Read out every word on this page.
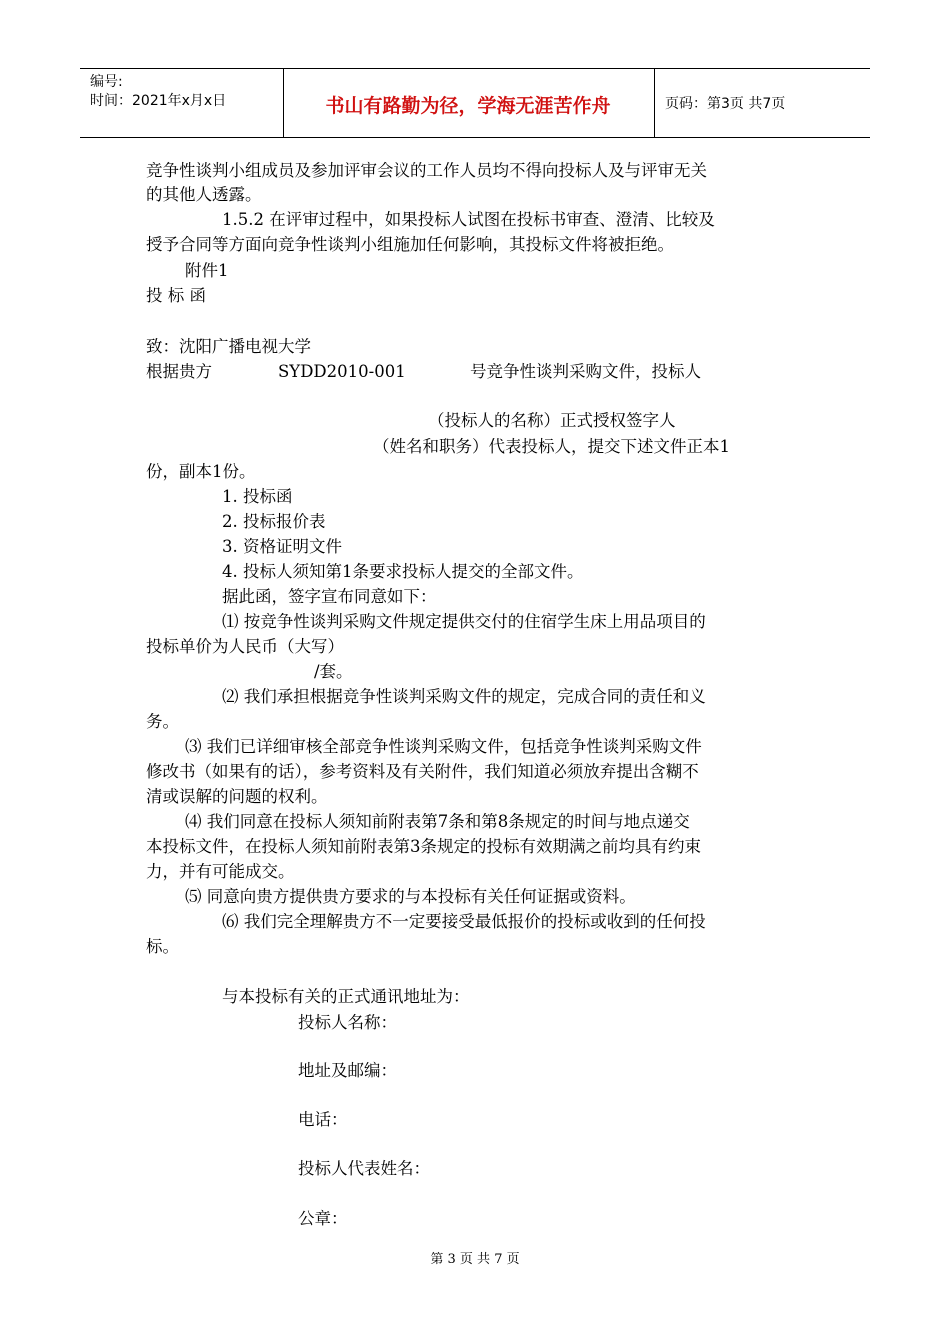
编号:
时间：2021年x月x日	书山有路勤为径，学海无涯苦作舟	页码：第3页 共7页
竞争性谈判小组成员及参加评审会议的工作人员均不得向投标人及与评审无关
的其他人透露。
1.5.2 在评审过程中，如果投标人试图在投标书审查、澄清、比较及
授予合同等方面向竞争性谈判小组施加任何影响，其投标文件将被拒绝。
附件1
投 标 函
致：沈阳广播电视大学
根据贵方	SYDD2010-001	号竞争性谈判采购文件，投标人
（投标人的名称）正式授权签字人
（姓名和职务）代表投标人，提交下述文件正本1
份，副本1份。
1. 投标函
2. 投标报价表
3. 资格证明文件
4. 投标人须知第1条要求投标人提交的全部文件。
据此函，签字宣布同意如下：
⑴ 按竞争性谈判采购文件规定提供交付的住宿学生床上用品项目的
投标单价为人民币（大写）
/套。
⑵ 我们承担根据竞争性谈判采购文件的规定，完成合同的责任和义
务。
⑶ 我们已详细审核全部竞争性谈判采购文件，包括竞争性谈判采购文件
修改书（如果有的话），参考资料及有关附件，我们知道必须放弃提出含糊不
清或误解的问题的权利。
⑷ 我们同意在投标人须知前附表第7条和第8条规定的时间与地点递交
本投标文件，在投标人须知前附表第3条规定的投标有效期满之前均具有约束
力，并有可能成交。
⑸ 同意向贵方提供贵方要求的与本投标有关任何证据或资料。
⑹ 我们完全理解贵方不一定要接受最低报价的投标或收到的任何投
标。
与本投标有关的正式通讯地址为：
投标人名称：
地址及邮编：
电话：
投标人代表姓名：
公章：
第 3 页 共 7 页
